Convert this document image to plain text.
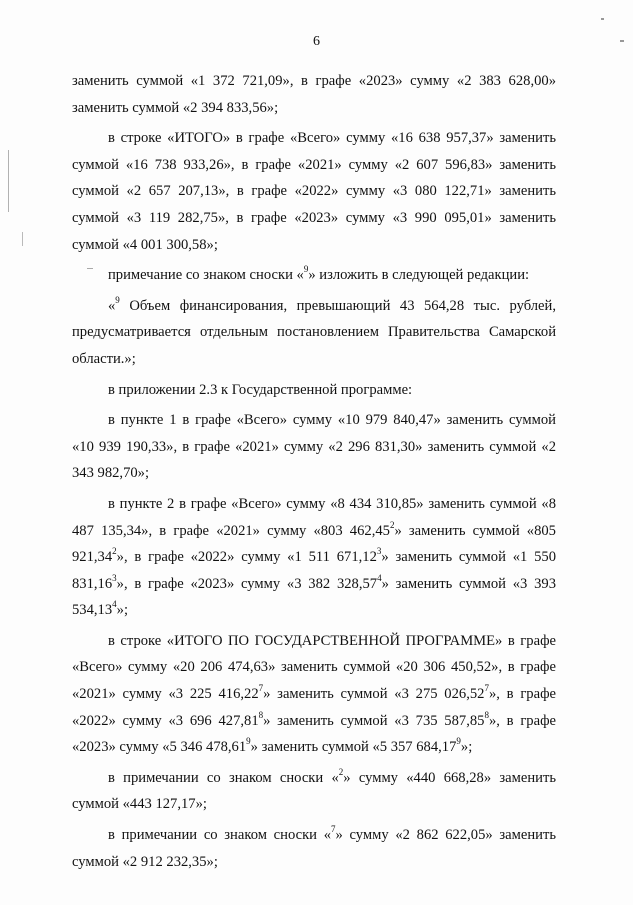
6

заменить суммой «1 372 721,09», в графе «2023» сумму «2 383 628,00» заменить суммой «2 394 833,56»;

в строке «ИТОГО» в графе «Всего» сумму «16 638 957,37» заменить суммой «16 738 933,26», в графе «2021» сумму «2 607 596,83» заменить суммой «2 657 207,13», в графе «2022» сумму «3 080 122,71» заменить суммой «3 119 282,75», в графе «2023» сумму «3 990 095,01» заменить суммой «4 001 300,58»;

примечание со знаком сноски «$^9$» изложить в следующей редакции:

«$^9$ Объем финансирования, превышающий 43 564,28 тыс. рублей, предусматривается отдельным постановлением Правительства Самарской области.»;

в приложении 2.3 к Государственной программе:

в пункте 1 в графе «Всего» сумму «10 979 840,47» заменить суммой «10 939 190,33», в графе «2021» сумму «2 296 831,30» заменить суммой «2 343 982,70»;

в пункте 2 в графе «Всего» сумму «8 434 310,85» заменить суммой «8 487 135,34», в графе «2021» сумму «803 462,45$^2$» заменить суммой «805 921,34$^2$», в графе «2022» сумму «1 511 671,12$^3$» заменить суммой «1 550 831,16$^3$», в графе «2023» сумму «3 382 328,57$^4$» заменить суммой «3 393 534,13$^4$»;

в строке «ИТОГО ПО ГОСУДАРСТВЕННОЙ ПРОГРАММЕ» в графе «Всего» сумму «20 206 474,63» заменить суммой «20 306 450,52», в графе «2021» сумму «3 225 416,22$^7$» заменить суммой «3 275 026,52$^7$», в графе «2022» сумму «3 696 427,81$^8$» заменить суммой «3 735 587,85$^8$», в графе «2023» сумму «5 346 478,61$^9$» заменить суммой «5 357 684,17$^9$»;

в примечании со знаком сноски «$^2$» сумму «440 668,28» заменить суммой «443 127,17»;

в примечании со знаком сноски «$^7$» сумму «2 862 622,05» заменить суммой «2 912 232,35»;
